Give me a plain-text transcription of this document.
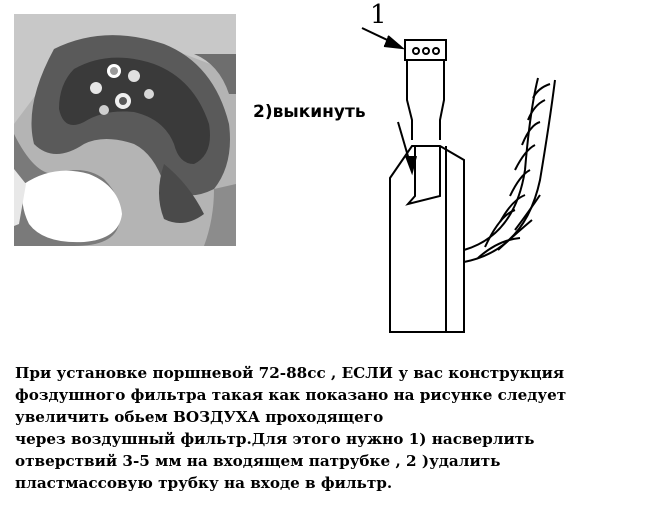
1
2)выкинуть
При установке поршневой 72-88сс , ЕСЛИ у вас конструкция
фоздушного фильтра такая как показано на рисунке следует
увеличить обьем ВОЗДУХА проходящего
через воздушный фильтр.Для этого нужно 1) насверлить
отверствий 3-5 мм на входящем патрубке , 2 )удалить
пластмассовую трубку на входе в фильтр.
